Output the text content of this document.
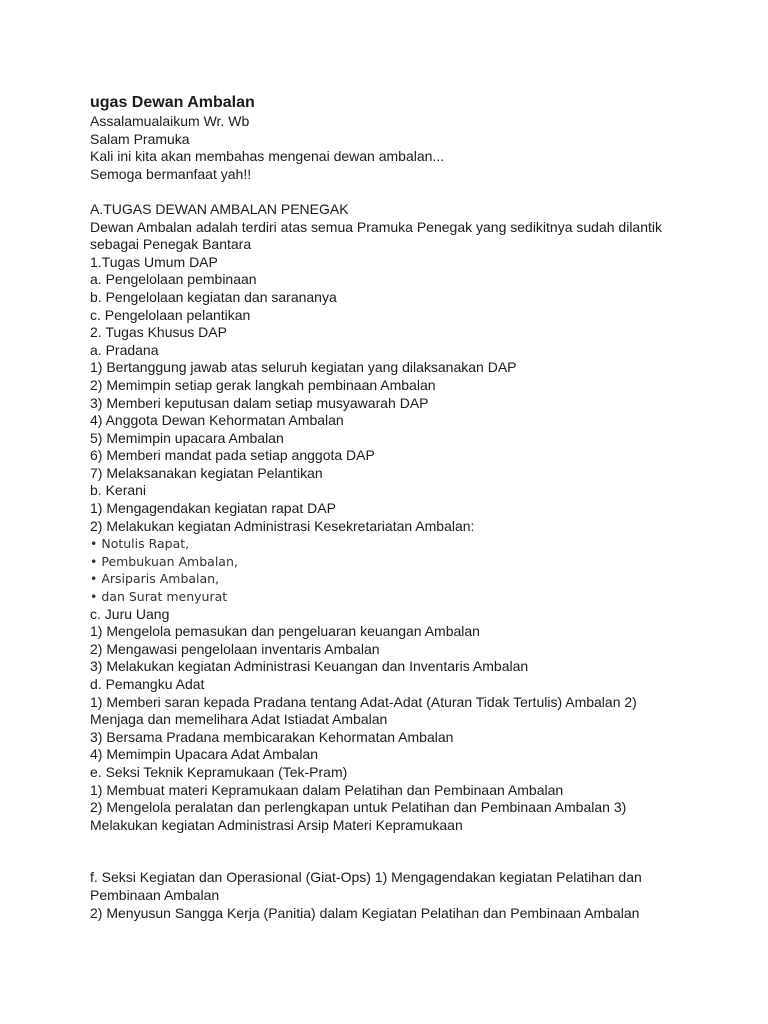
ugas Dewan Ambalan
Assalamualaikum Wr. Wb
Salam Pramuka
Kali ini kita akan membahas mengenai dewan ambalan...
Semoga bermanfaat yah!!
A.TUGAS DEWAN AMBALAN PENEGAK
Dewan Ambalan adalah terdiri atas semua Pramuka Penegak yang sedikitnya sudah dilantik sebagai Penegak Bantara
1.Tugas Umum DAP
a. Pengelolaan pembinaan
b. Pengelolaan kegiatan dan sarananya
c. Pengelolaan pelantikan
2. Tugas Khusus DAP
a. Pradana
1) Bertanggung jawab atas seluruh kegiatan yang dilaksanakan DAP
2) Memimpin setiap gerak langkah pembinaan Ambalan
3) Memberi keputusan dalam setiap musyawarah DAP
4) Anggota Dewan Kehormatan Ambalan
5) Memimpin upacara Ambalan
6) Memberi mandat pada setiap anggota DAP
7) Melaksanakan kegiatan Pelantikan
b. Kerani
1) Mengagendakan kegiatan rapat DAP
2) Melakukan kegiatan Administrasi Kesekretariatan Ambalan:
• Notulis Rapat,
• Pembukuan Ambalan,
• Arsiparis Ambalan,
• dan Surat menyurat
c. Juru Uang
1) Mengelola pemasukan dan pengeluaran keuangan Ambalan
2) Mengawasi pengelolaan inventaris Ambalan
3) Melakukan kegiatan Administrasi Keuangan dan Inventaris Ambalan
d. Pemangku Adat
1) Memberi saran kepada Pradana tentang Adat-Adat (Aturan Tidak Tertulis) Ambalan 2) Menjaga dan memelihara Adat Istiadat Ambalan
3) Bersama Pradana membicarakan Kehormatan Ambalan
4) Memimpin Upacara Adat Ambalan
e. Seksi Teknik Kepramukaan (Tek-Pram)
1) Membuat materi Kepramukaan dalam Pelatihan dan Pembinaan Ambalan
2) Mengelola peralatan dan perlengkapan untuk Pelatihan dan Pembinaan Ambalan 3) Melakukan kegiatan Administrasi Arsip Materi Kepramukaan
f. Seksi Kegiatan dan Operasional (Giat-Ops) 1) Mengagendakan kegiatan Pelatihan dan Pembinaan Ambalan
2) Menyusun Sangga Kerja (Panitia) dalam Kegiatan Pelatihan dan Pembinaan Ambalan
